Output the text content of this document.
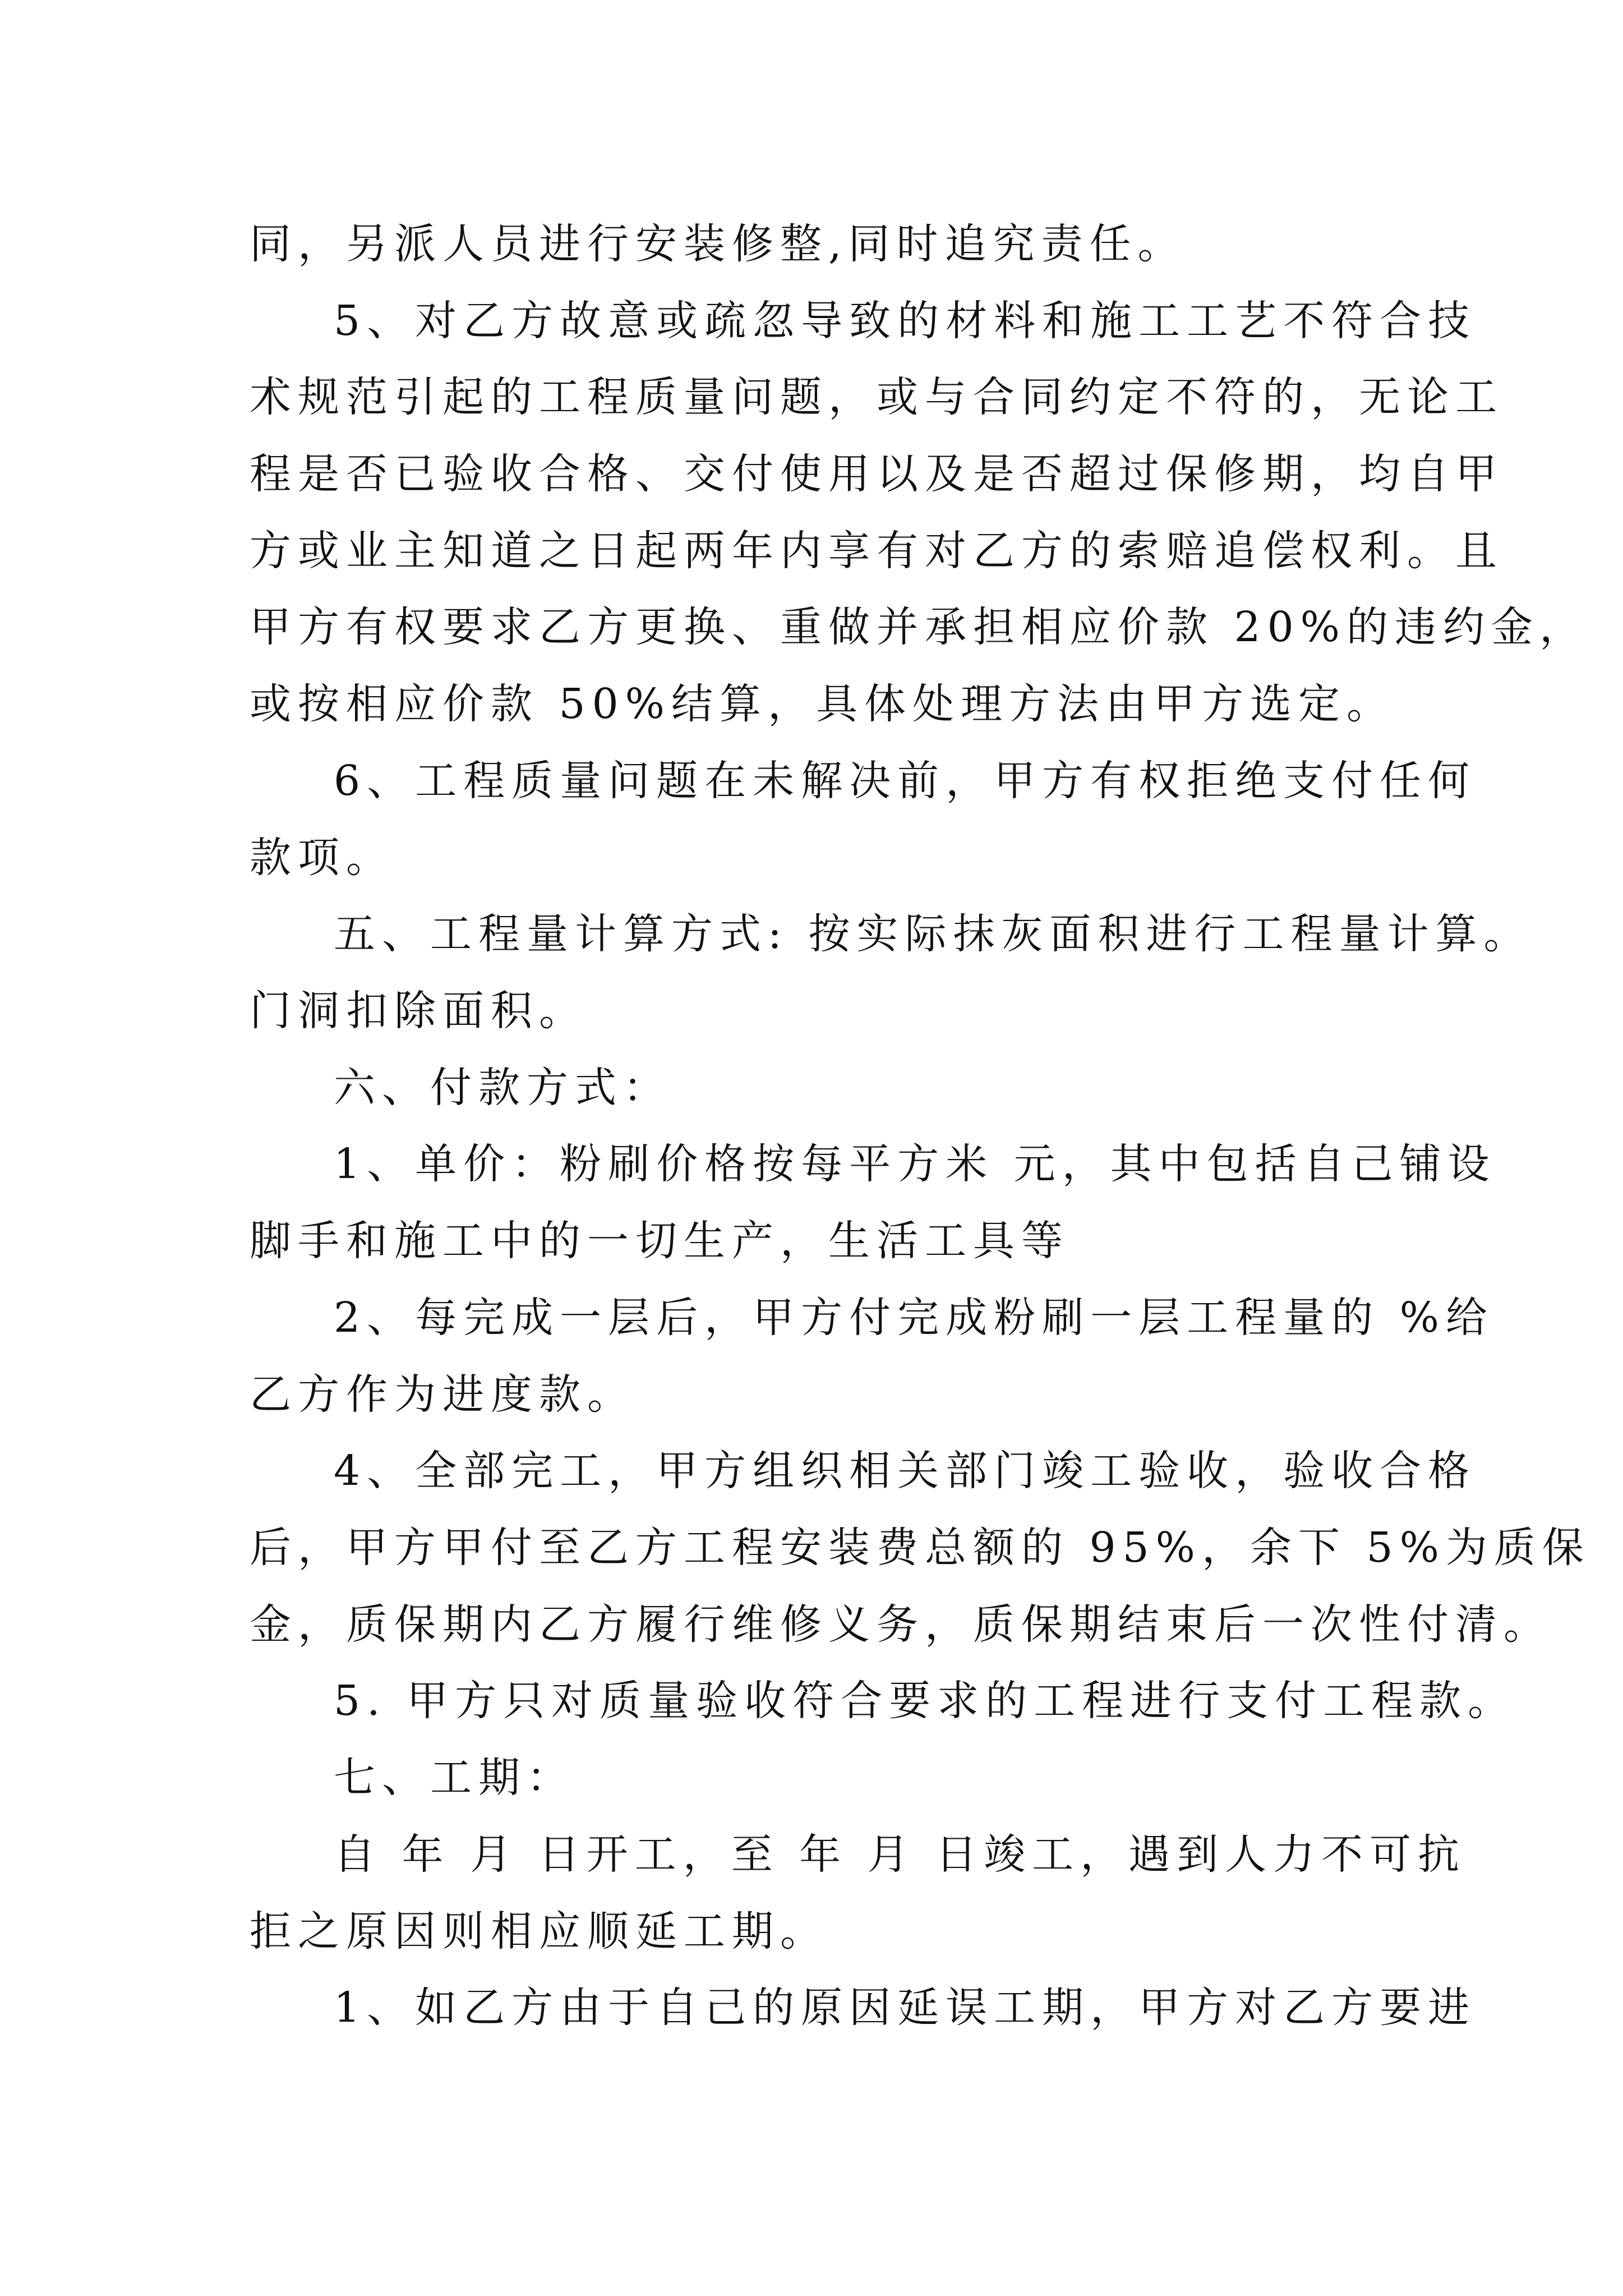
同，另派人员进行安装修整,同时追究责任。

5、对乙方故意或疏忽导致的材料和施工工艺不符合技

术规范引起的工程质量问题，或与合同约定不符的，无论工

程是否已验收合格、交付使用以及是否超过保修期，均自甲

方或业主知道之日起两年内享有对乙方的索赔追偿权利。且

甲方有权要求乙方更换、重做并承担相应价款 20%的违约金，

或按相应价款 50%结算，具体处理方法由甲方选定。

6、工程质量问题在未解决前，甲方有权拒绝支付任何

款项。

五、工程量计算方式: 按实际抹灰面积进行工程量计算。

门洞扣除面积。

六、付款方式：

1、单价：粉刷价格按每平方米 元，其中包括自己铺设

脚手和施工中的一切生产，生活工具等

2、每完成一层后，甲方付完成粉刷一层工程量的 %给

乙方作为进度款。

4、全部完工，甲方组织相关部门竣工验收，验收合格

后，甲方甲付至乙方工程安装费总额的 95%，余下 5%为质保

金，质保期内乙方履行维修义务，质保期结束后一次性付清。

5. 甲方只对质量验收符合要求的工程进行支付工程款。

七、工期：

自 年 月 日开工，至 年 月 日竣工，遇到人力不可抗

拒之原因则相应顺延工期。

1、如乙方由于自己的原因延误工期，甲方对乙方要进
